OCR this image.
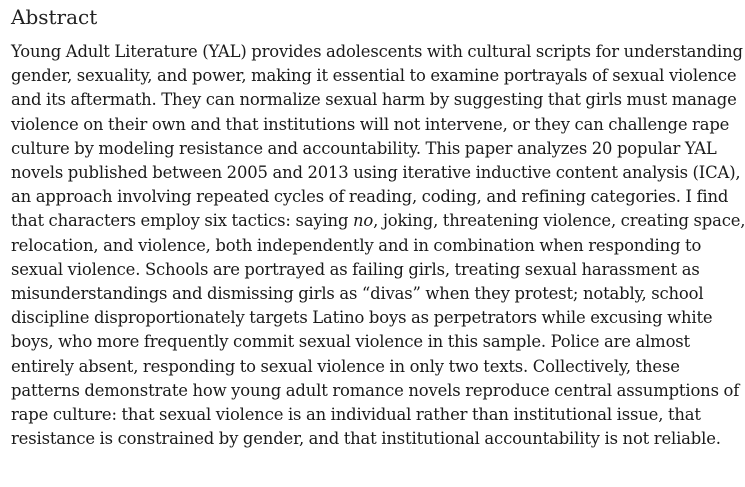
Abstract

Young Adult Literature (YAL) provides adolescents with cultural scripts for understanding
gender, sexuality, and power, making it essential to examine portrayals of sexual violence
and its aftermath. They can normalize sexual harm by suggesting that girls must manage
violence on their own and that institutions will not intervene, or they can challenge rape
culture by modeling resistance and accountability. This paper analyzes 20 popular YAL
novels published between 2005 and 2013 using iterative inductive content analysis (ICA),
an approach involving repeated cycles of reading, coding, and refining categories. I find
that characters employ six tactics: saying no, joking, threatening violence, creating space,
relocation, and violence, both independently and in combination when responding to
sexual violence. Schools are portrayed as failing girls, treating sexual harassment as
misunderstandings and dismissing girls as “divas” when they protest; notably, school
discipline disproportionately targets Latino boys as perpetrators while excusing white
boys, who more frequently commit sexual violence in this sample. Police are almost
entirely absent, responding to sexual violence in only two texts. Collectively, these
patterns demonstrate how young adult romance novels reproduce central assumptions of
rape culture: that sexual violence is an individual rather than institutional issue, that
resistance is constrained by gender, and that institutional accountability is not reliable.
